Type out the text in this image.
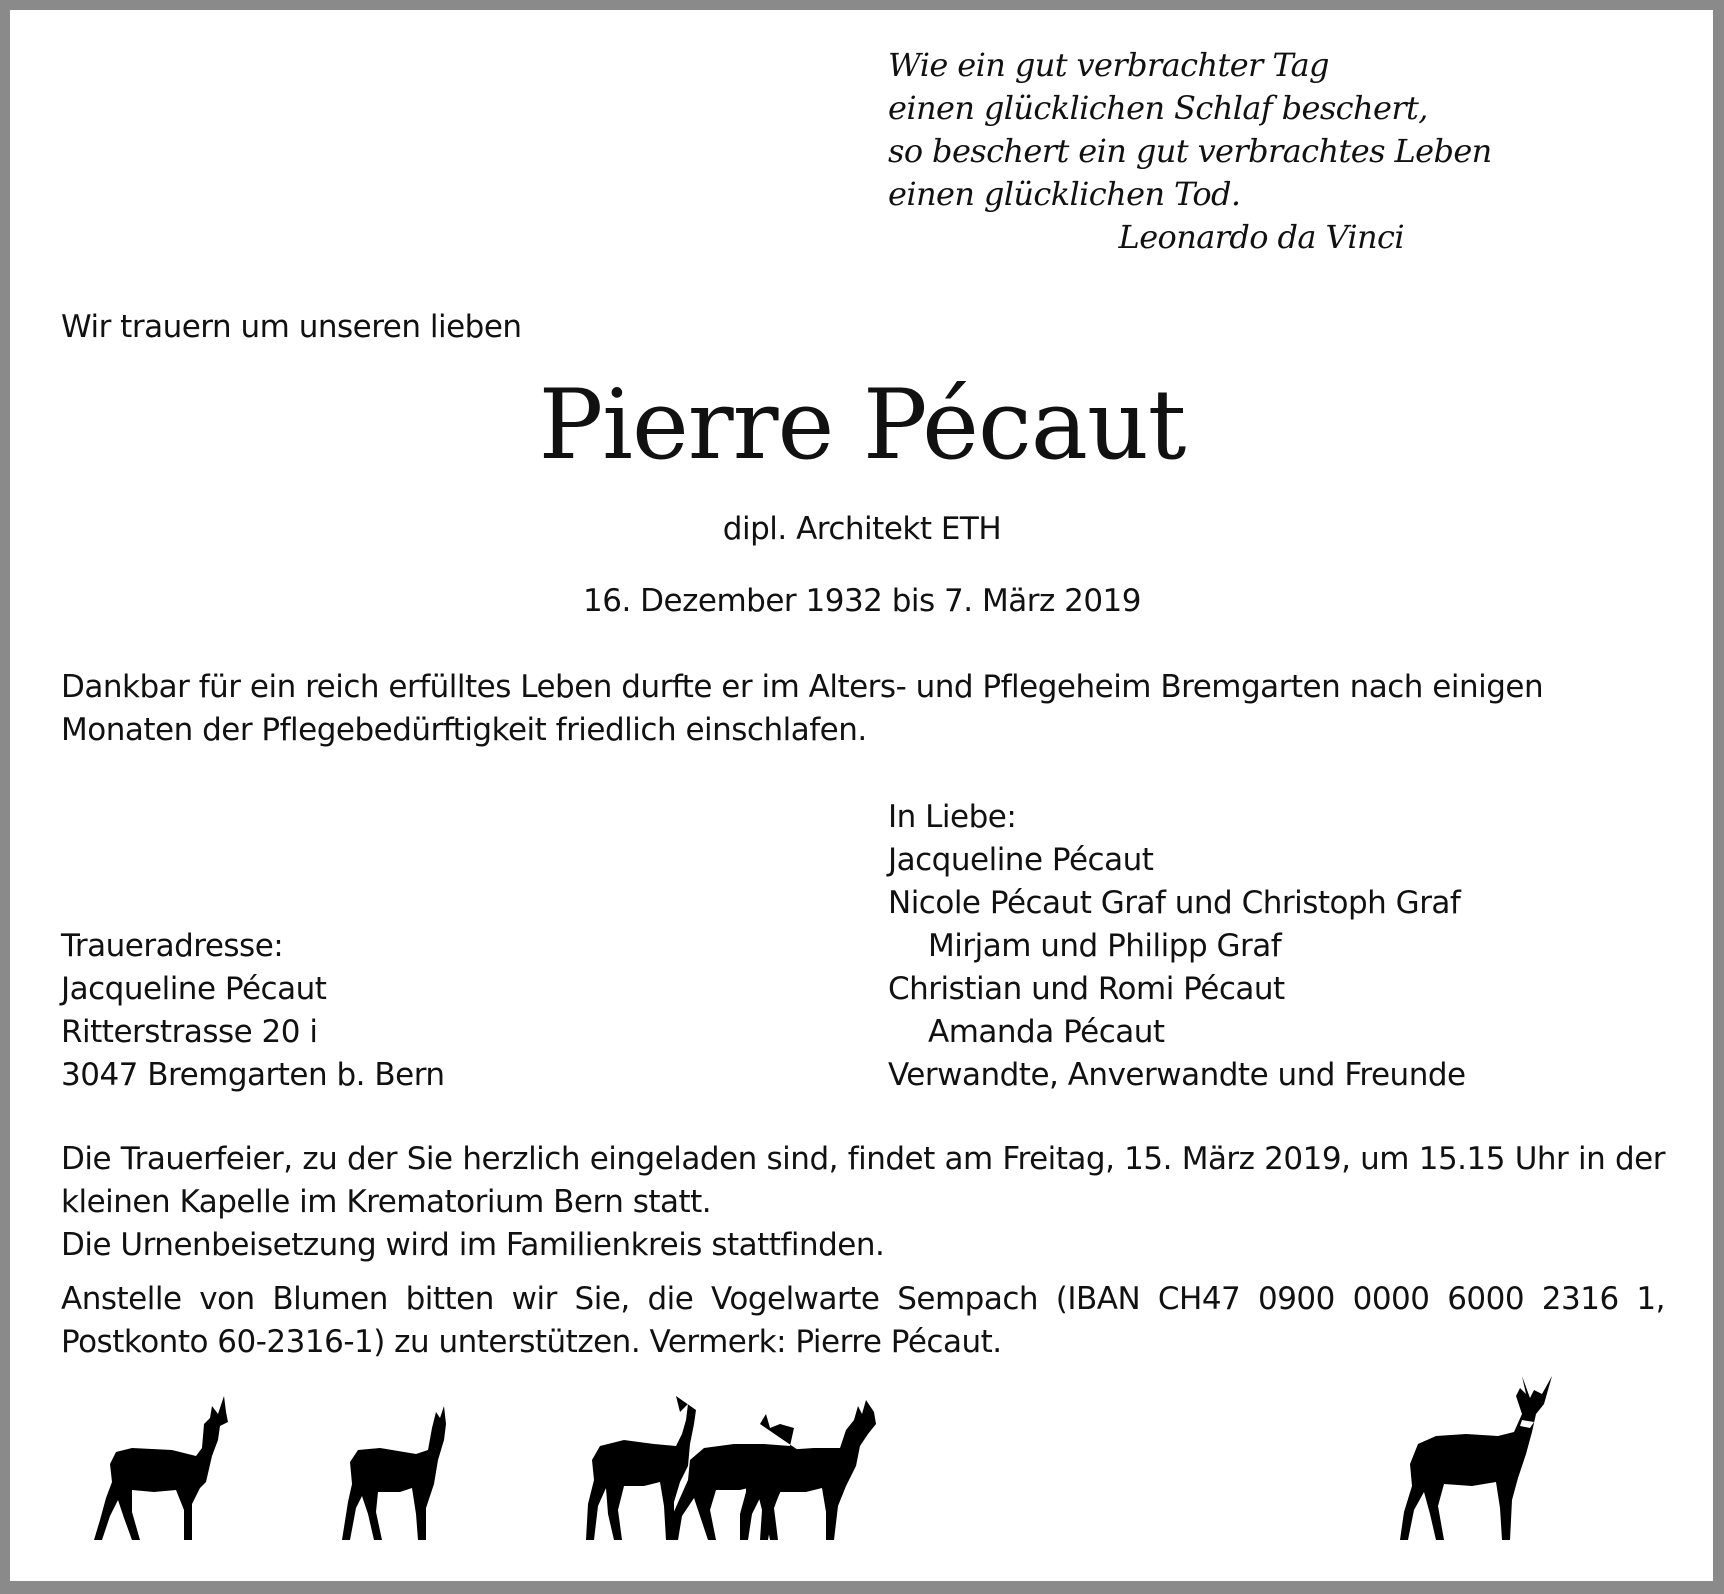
Wie ein gut verbrachter Tag
einen glücklichen Schlaf beschert,
so beschert ein gut verbrachtes Leben
einen glücklichen Tod.
Leonardo da Vinci
Wir trauern um unseren lieben
Pierre Pécaut
dipl. Architekt ETH
16. Dezember 1932 bis 7. März 2019
Dankbar für ein reich erfülltes Leben durfte er im Alters- und Pflegeheim Bremgarten nach einigen Monaten der Pflegebedürftigkeit friedlich einschlafen.
In Liebe:
Jacqueline Pécaut
Nicole Pécaut Graf und Christoph Graf
Mirjam und Philipp Graf
Christian und Romi Pécaut
Amanda Pécaut
Verwandte, Anverwandte und Freunde
Traueradresse:
Jacqueline Pécaut
Ritterstrasse 20 i
3047 Bremgarten b. Bern
Die Trauerfeier, zu der Sie herzlich eingeladen sind, findet am Freitag, 15. März 2019, um 15.15 Uhr in der kleinen Kapelle im Krematorium Bern statt.
Die Urnenbeisetzung wird im Familienkreis stattfinden.
Anstelle von Blumen bitten wir Sie, die Vogelwarte Sempach (IBAN CH47 0900 0000 6000 2316 1, Postkonto 60-2316-1) zu unterstützen. Vermerk: Pierre Pécaut.
